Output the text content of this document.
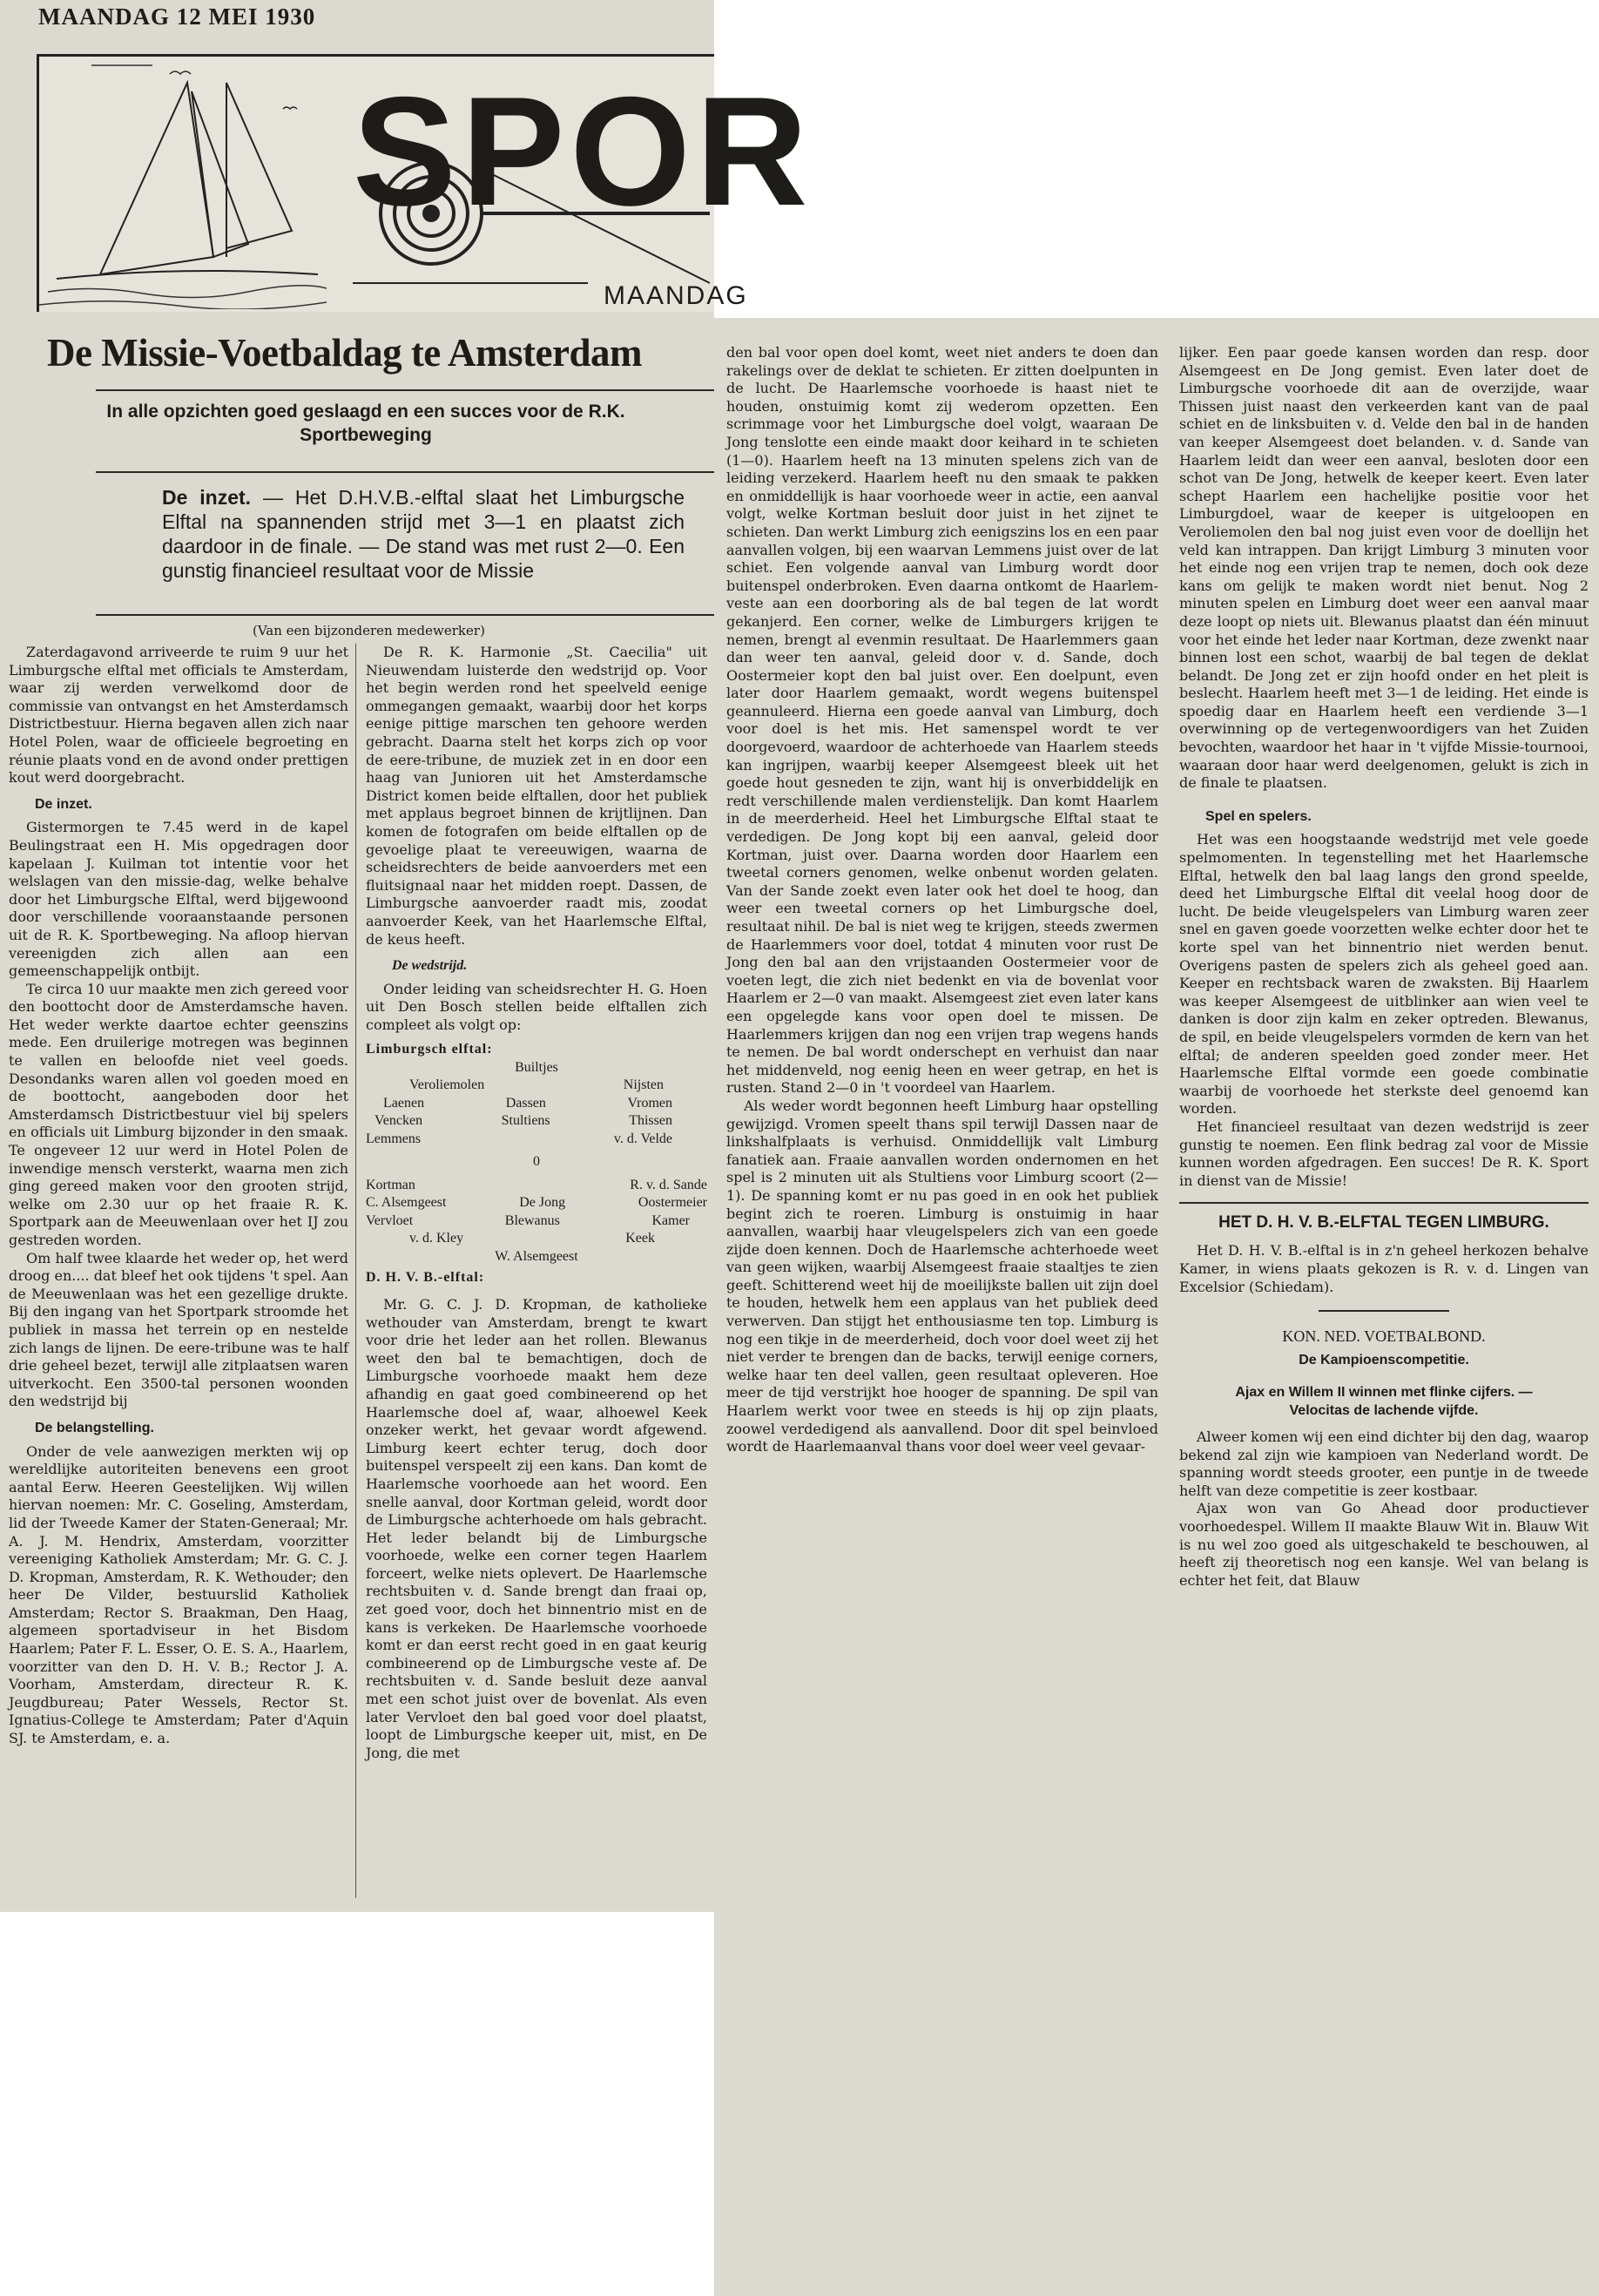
MAANDAG 12 MEI 1930
SPOR
MAANDAG
De Missie-Voetbaldag te Amsterdam
In alle opzichten goed geslaagd en een succes voor de R.K. Sportbeweging
De inzet. — Het D.H.V.B.-elftal slaat het Limburgsche Elftal na spannenden strijd met 3—1 en plaatst zich daardoor in de finale. — De stand was met rust 2—0. Een gunstig financieel resultaat voor de Missie
(Van een bijzonderen medewerker)

Zaterdagavond arriveerde te ruim 9 uur het Limburgsche elftal met officials te Amsterdam, waar zij werden verwelkomd door de commissie van ontvangst en het Amsterdamsch Districtbestuur. Hierna begaven allen zich naar Hotel Polen, waar de officieele begroeting en réunie plaats vond en de avond onder prettigen kout werd doorgebracht.

De inzet.

Gistermorgen te 7.45 werd in de kapel Beulingstraat een H. Mis opgedragen door kapelaan J. Kuilman tot intentie voor het welslagen van den missie-dag, welke behalve door het Limburgsche Elftal, werd bijgewoond door verschillende vooraanstaande personen uit de R. K. Sportbeweging. Na afloop hiervan vereenigden zich allen aan een gemeenschappelijk ontbijt.

Te circa 10 uur maakte men zich gereed voor den boottocht door de Amsterdamsche haven. Het weder werkte daartoe echter geenszins mede. Een druilerige motregen was beginnen te vallen en beloofde niet veel goeds. Desondanks waren allen vol goeden moed en de boottocht, aangeboden door het Amsterdamsch Districtbestuur viel bij spelers en officials uit Limburg bijzonder in den smaak. Te ongeveer 12 uur werd in Hotel Polen de inwendige mensch versterkt, waarna men zich ging gereed maken voor den grooten strijd, welke om 2.30 uur op het fraaie R. K. Sportpark aan de Meeuwenlaan over het IJ zou gestreden worden.

Om half twee klaarde het weder op, het werd droog en.... dat bleef het ook tijdens 't spel. Aan de Meeuwenlaan was het een gezellige drukte. Bij den ingang van het Sportpark stroomde het publiek in massa het terrein op en nestelde zich langs de lijnen. De eere-tribune was te half drie geheel bezet, terwijl alle zitplaatsen waren uitverkocht. Een 3500-tal personen woonden den wedstrijd bij

De belangstelling.

Onder de vele aanwezigen merkten wij op wereldlijke autoriteiten benevens een groot aantal Eerw. Heeren Geestelijken. Wij willen hiervan noemen: Mr. C. Goseling, Amsterdam, lid der Tweede Kamer der Staten-Generaal; Mr. A. J. M. Hendrix, Amsterdam, voorzitter vereeniging Katholiek Amsterdam; Mr. G. C. J. D. Kropman, Amsterdam, R. K. Wethouder; den heer De Vilder, bestuurslid Katholiek Amsterdam; Rector S. Braakman, Den Haag, algemeen sportadviseur in het Bisdom Haarlem; Pater F. L. Esser, O. E. S. A., Haarlem, voorzitter van den D. H. V. B.; Rector J. A. Voorham, Amsterdam, directeur R. K. Jeugdbureau; Pater Wessels, Rector St. Ignatius-College te Amsterdam; Pater d'Aquin SJ. te Amsterdam, e. a.

De R. K. Harmonie „St. Caecilia" uit Nieuwendam luisterde den wedstrijd op. Voor het begin werden rond het speelveld eenige ommegangen gemaakt, waarbij door het korps eenige pittige marschen ten gehoore werden gebracht. Daarna stelt het korps zich op voor de eere-tribune, de muziek zet in en door een haag van Junioren uit het Amsterdamsche District komen beide elftallen, door het publiek met applaus begroet binnen de krijtlijnen. Dan komen de fotografen om beide elftallen op de gevoelige plaat te vereeuwigen, waarna de scheidsrechters de beide aanvoerders met een fluitsignaal naar het midden roept. Dassen, de Limburgsche aanvoerder raadt mis, zoodat aanvoerder Keek, van het Haarlemsche Elftal, de keus heeft.

De wedstrijd.

Onder leiding van scheidsrechter H. G. Hoen uit Den Bosch stellen beide elftallen zich compleet als volgt op:

Limburgsch elftal:
Builtjes
Veroliemolen	Nijsten
Laenen	Dassen	Vromen
Vencken	Stultiens	Thissen
Lemmens	v. d. Velde
0
Kortman	R. v. d. Sande
C. Alsemgeest	De Jong	Oostermeier
Vervloet	Blewanus	Kamer
v. d. Kley	Keek
W. Alsemgeest
D. H. V. B.-elftal:

Mr. G. C. J. D. Kropman, de katholieke wethouder van Amsterdam, brengt te kwart voor drie het leder aan het rollen. Blewanus weet den bal te bemachtigen, doch de Limburgsche voorhoede maakt hem deze afhandig en gaat goed combineerend op het Haarlemsche doel af, waar, alhoewel Keek onzeker werkt, het gevaar wordt afgewend. Limburg keert echter terug, doch door buitenspel verspeelt zij een kans. Dan komt de Haarlemsche voorhoede aan het woord. Een snelle aanval, door Kortman geleid, wordt door de Limburgsche achterhoede om hals gebracht. Het leder belandt bij de Limburgsche voorhoede, welke een corner tegen Haarlem forceert, welke niets oplevert. De Haarlemsche rechtsbuiten v. d. Sande brengt dan fraai op, zet goed voor, doch het binnentrio mist en de kans is verkeken. De Haarlemsche voorhoede komt er dan eerst recht goed in en gaat keurig combineerend op de Limburgsche veste af. De rechtsbuiten v. d. Sande besluit deze aanval met een schot juist over de bovenlat. Als even later Vervloet den bal goed voor doel plaatst, loopt de Limburgsche keeper uit, mist, en De Jong, die met

den bal voor open doel komt, weet niet anders te doen dan rakelings over de deklat te schieten. Er zitten doelpunten in de lucht. De Haarlemsche voorhoede is haast niet te houden, onstuimig komt zij wederom opzetten. Een scrimmage voor het Limburgsche doel volgt, waaraan De Jong tenslotte een einde maakt door keihard in te schieten (1—0). Haarlem heeft na 13 minuten spelens zich van de leiding verzekerd. Haarlem heeft nu den smaak te pakken en onmiddellijk is haar voorhoede weer in actie, een aanval volgt, welke Kortman besluit door juist in het zijnet te schieten. Dan werkt Limburg zich eenigszins los en een paar aanvallen volgen, bij een waarvan Lemmens juist over de lat schiet. Een volgende aanval van Limburg wordt door buitenspel onderbroken. Even daarna ontkomt de Haarlem-veste aan een doorboring als de bal tegen de lat wordt gekanjerd. Een corner, welke de Limburgers krijgen te nemen, brengt al evenmin resultaat. De Haarlemmers gaan dan weer ten aanval, geleid door v. d. Sande, doch Oostermeier kopt den bal juist over. Een doelpunt, even later door Haarlem gemaakt, wordt wegens buitenspel geannuleerd. Hierna een goede aanval van Limburg, doch voor doel is het mis. Het samenspel wordt te ver doorgevoerd, waardoor de achterhoede van Haarlem steeds kan ingrijpen, waarbij keeper Alsemgeest bleek uit het goede hout gesneden te zijn, want hij is onverbiddelijk en redt verschillende malen verdienstelijk. Dan komt Haarlem in de meerderheid. Heel het Limburgsche Elftal staat te verdedigen. De Jong kopt bij een aanval, geleid door Kortman, juist over. Daarna worden door Haarlem een tweetal corners genomen, welke onbenut worden gelaten. Van der Sande zoekt even later ook het doel te hoog, dan weer een tweetal corners op het Limburgsche doel, resultaat nihil. De bal is niet weg te krijgen, steeds zwermen de Haarlemmers voor doel, totdat 4 minuten voor rust De Jong den bal aan den vrijstaanden Oostermeier voor de voeten legt, die zich niet bedenkt en via de bovenlat voor Haarlem er 2—0 van maakt. Alsemgeest ziet even later kans een opgelegde kans voor open doel te missen. De Haarlemmers krijgen dan nog een vrijen trap wegens hands te nemen. De bal wordt onderschept en verhuist dan naar het middenveld, nog eenig heen en weer getrap, en het is rusten. Stand 2—0 in 't voordeel van Haarlem.

Als weder wordt begonnen heeft Limburg haar opstelling gewijzigd. Vromen speelt thans spil terwijl Dassen naar de linkshalfplaats is verhuisd. Onmiddellijk valt Limburg fanatiek aan. Fraaie aanvallen worden ondernomen en het spel is 2 minuten uit als Stultiens voor Limburg scoort (2—1). De spanning komt er nu pas goed in en ook het publiek begint zich te roeren. Limburg is onstuimig in haar aanvallen, waarbij haar vleugelspelers zich van een goede zijde doen kennen. Doch de Haarlemsche achterhoede weet van geen wijken, waarbij Alsemgeest fraaie staaltjes te zien geeft. Schitterend weet hij de moeilijkste ballen uit zijn doel te houden, hetwelk hem een applaus van het publiek deed verwerven. Dan stijgt het enthousiasme ten top. Limburg is nog een tikje in de meerderheid, doch voor doel weet zij het niet verder te brengen dan de backs, terwijl eenige corners, welke haar ten deel vallen, geen resultaat opleveren. Hoe meer de tijd verstrijkt hoe hooger de spanning. De spil van Haarlem werkt voor twee en steeds is hij op zijn plaats, zoowel verdedigend als aanvallend. Door dit spel beinvloed wordt de Haarlemaanval thans voor doel weer veel gevaar-

lijker. Een paar goede kansen worden dan resp. door Alsemgeest en De Jong gemist. Even later doet de Limburgsche voorhoede dit aan de overzijde, waar Thissen juist naast den verkeerden kant van de paal schiet en de linksbuiten v. d. Velde den bal in de handen van keeper Alsemgeest doet belanden. v. d. Sande van Haarlem leidt dan weer een aanval, besloten door een schot van De Jong, hetwelk de keeper keert. Even later schept Haarlem een hachelijke positie voor het Limburgdoel, waar de keeper is uitgeloopen en Veroliemolen den bal nog juist even voor de doellijn het veld kan intrappen. Dan krijgt Limburg 3 minuten voor het einde nog een vrijen trap te nemen, doch ook deze kans om gelijk te maken wordt niet benut. Nog 2 minuten spelen en Limburg doet weer een aanval maar deze loopt op niets uit. Blewanus plaatst dan één minuut voor het einde het leder naar Kortman, deze zwenkt naar binnen lost een schot, waarbij de bal tegen de deklat belandt. De Jong zet er zijn hoofd onder en het pleit is beslecht. Haarlem heeft met 3—1 de leiding. Het einde is spoedig daar en Haarlem heeft een verdiende 3—1 overwinning op de vertegenwoordigers van het Zuiden bevochten, waardoor het haar in 't vijfde Missie-tournooi, waaraan door haar werd deelgenomen, gelukt is zich in de finale te plaatsen.

Spel en spelers.

Het was een hoogstaande wedstrijd met vele goede spelmomenten. In tegenstelling met het Haarlemsche Elftal, hetwelk den bal laag langs den grond speelde, deed het Limburgsche Elftal dit veelal hoog door de lucht. De beide vleugelspelers van Limburg waren zeer snel en gaven goede voorzetten welke echter door het te korte spel van het binnentrio niet werden benut. Overigens pasten de spelers zich als geheel goed aan. Keeper en rechtsback waren de zwaksten. Bij Haarlem was keeper Alsemgeest de uitblinker aan wien veel te danken is door zijn kalm en zeker optreden. Blewanus, de spil, en beide vleugelspelers vormden de kern van het elftal; de anderen speelden goed zonder meer. Het Haarlemsche Elftal vormde een goede combinatie waarbij de voorhoede het sterkste deel genoemd kan worden.

Het financieel resultaat van dezen wedstrijd is zeer gunstig te noemen. Een flink bedrag zal voor de Missie kunnen worden afgedragen. Een succes! De R. K. Sport in dienst van de Missie!

HET D. H. V. B.-ELFTAL TEGEN LIMBURG.

Het D. H. V. B.-elftal is in z'n geheel herkozen behalve Kamer, in wiens plaats gekozen is R. v. d. Lingen van Excelsior (Schiedam).

KON. NED. VOETBALBOND.
De Kampioenscompetitie.
Ajax en Willem II winnen met flinke cijfers. — Velocitas de lachende vijfde.

Alweer komen wij een eind dichter bij den dag, waarop bekend zal zijn wie kampioen van Nederland wordt. De spanning wordt steeds grooter, een puntje in de tweede helft van deze competitie is zeer kostbaar.

Ajax won van Go Ahead door productiever voorhoedespel. Willem II maakte Blauw Wit in. Blauw Wit is nu wel zoo goed als uitgeschakeld te beschouwen, al heeft zij theoretisch nog een kansje. Wel van belang is echter het feit, dat Blauw
